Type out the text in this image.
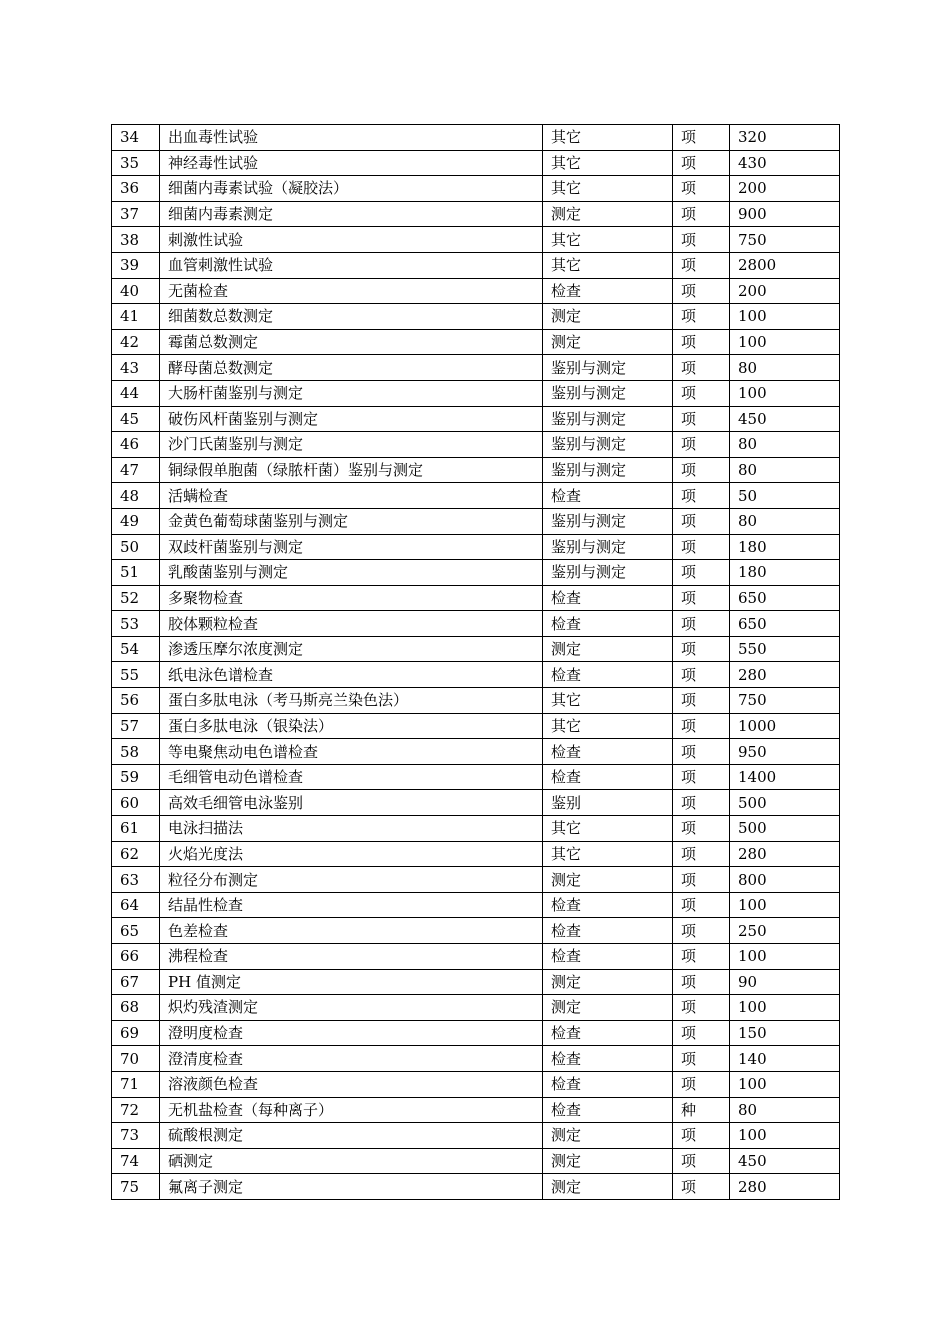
34	出血毒性试验	其它	项	320
35	神经毒性试验	其它	项	430
36	细菌内毒素试验（凝胶法）	其它	项	200
37	细菌内毒素测定	测定	项	900
38	刺激性试验	其它	项	750
39	血管刺激性试验	其它	项	2800
40	无菌检查	检查	项	200
41	细菌数总数测定	测定	项	100
42	霉菌总数测定	测定	项	100
43	酵母菌总数测定	鉴别与测定	项	80
44	大肠杆菌鉴别与测定	鉴别与测定	项	100
45	破伤风杆菌鉴别与测定	鉴别与测定	项	450
46	沙门氏菌鉴别与测定	鉴别与测定	项	80
47	铜绿假单胞菌（绿脓杆菌）鉴别与测定	鉴别与测定	项	80
48	活螨检查	检查	项	50
49	金黄色葡萄球菌鉴别与测定	鉴别与测定	项	80
50	双歧杆菌鉴别与测定	鉴别与测定	项	180
51	乳酸菌鉴别与测定	鉴别与测定	项	180
52	多聚物检查	检查	项	650
53	胶体颗粒检查	检查	项	650
54	渗透压摩尔浓度测定	测定	项	550
55	纸电泳色谱检查	检查	项	280
56	蛋白多肽电泳（考马斯亮兰染色法）	其它	项	750
57	蛋白多肽电泳（银染法）	其它	项	1000
58	等电聚焦动电色谱检查	检查	项	950
59	毛细管电动色谱检查	检查	项	1400
60	高效毛细管电泳鉴别	鉴别	项	500
61	电泳扫描法	其它	项	500
62	火焰光度法	其它	项	280
63	粒径分布测定	测定	项	800
64	结晶性检查	检查	项	100
65	色差检查	检查	项	250
66	沸程检查	检查	项	100
67	PH 值测定	测定	项	90
68	炽灼残渣测定	测定	项	100
69	澄明度检查	检查	项	150
70	澄清度检查	检查	项	140
71	溶液颜色检查	检查	项	100
72	无机盐检查（每种离子）	检查	种	80
73	硫酸根测定	测定	项	100
74	硒测定	测定	项	450
75	氟离子测定	测定	项	280
